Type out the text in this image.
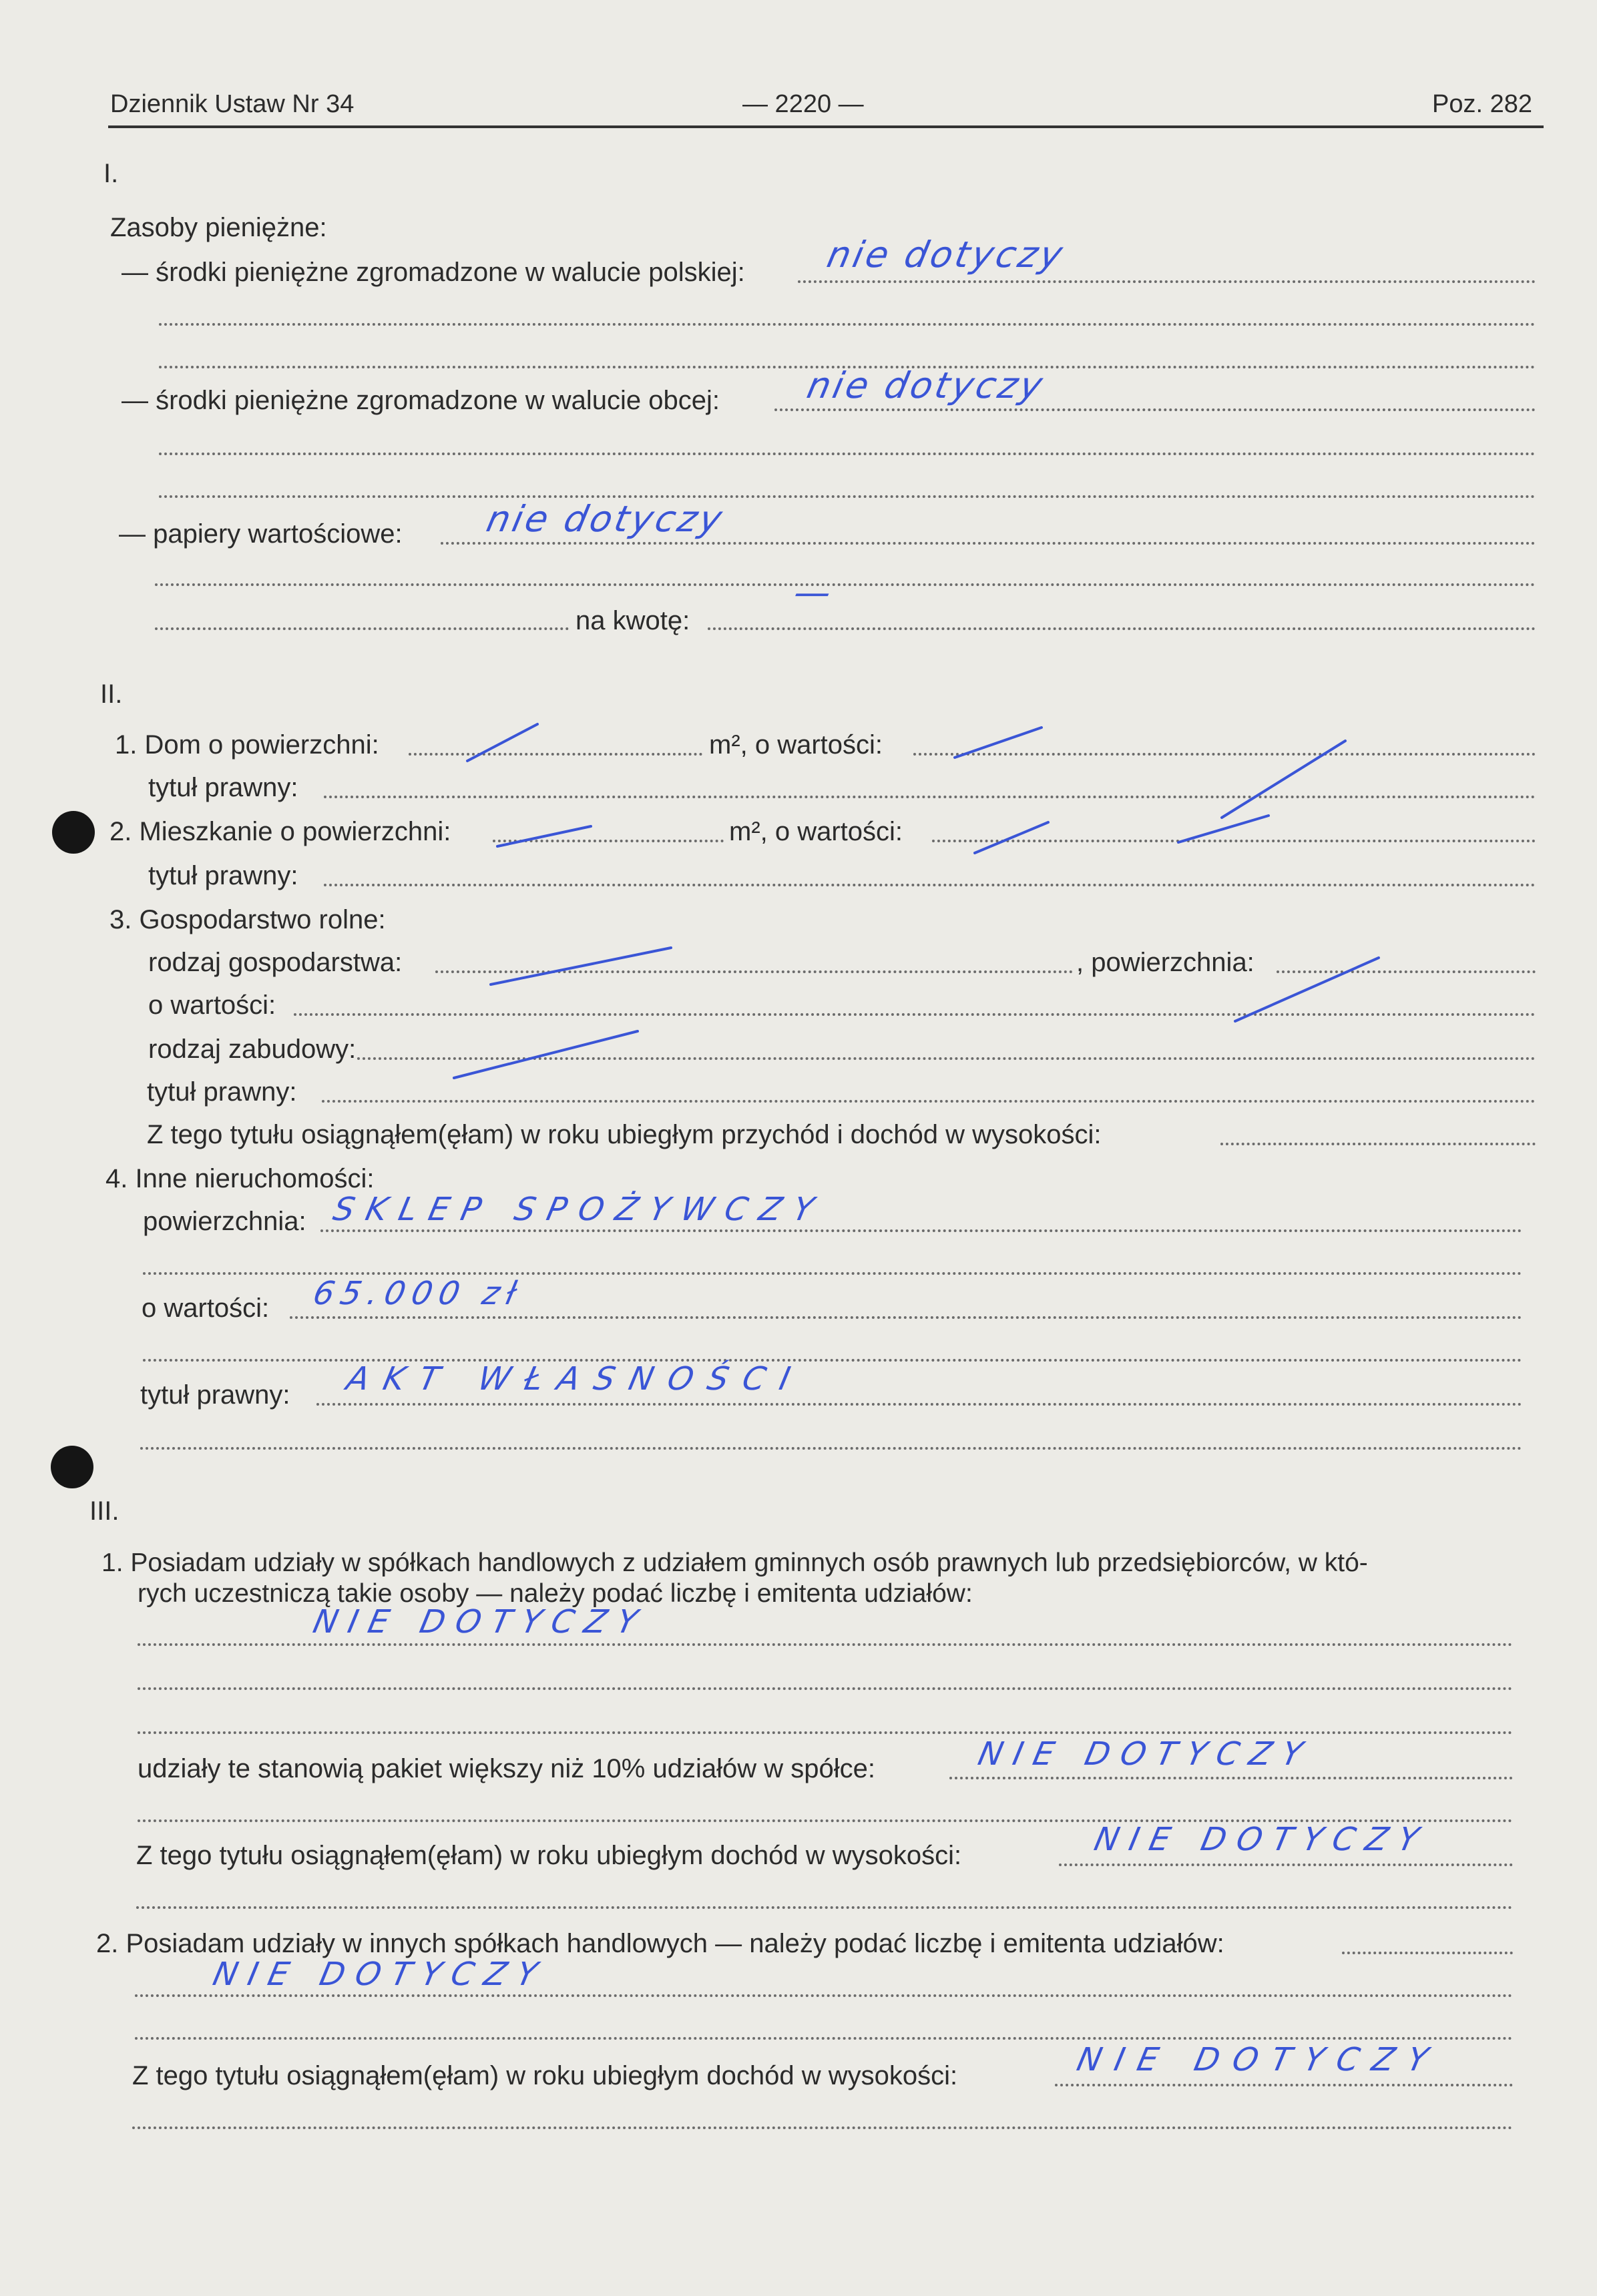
Dziennik Ustaw Nr 34	— 2220 —	Poz. 282
I.
Zasoby pieniężne:
— środki pieniężne zgromadzone w walucie polskiej: nie dotyczy
— środki pieniężne zgromadzone w walucie obcej: nie dotyczy
— papiery wartościowe: nie dotyczy
na kwotę:
—
II.
1. Dom o powierzchni:	m², o wartości:
tytuł prawny:
2. Mieszkanie o powierzchni:	m², o wartości:
tytuł prawny:
3. Gospodarstwo rolne:
rodzaj gospodarstwa:	, powierzchnia:
o wartości:
rodzaj zabudowy:
tytuł prawny:
Z tego tytułu osiągnąłem(ęłam) w roku ubiegłym przychód i dochód w wysokości:
4. Inne nieruchomości:
powierzchnia: SKLEP SPOŻYWCZY
o wartości: 65.000 zł
tytuł prawny: AKT WŁASNOŚCI
III.
1. Posiadam udziały w spółkach handlowych z udziałem gminnych osób prawnych lub przedsiębiorców, w któ-
rych uczestniczą takie osoby — należy podać liczbę i emitenta udziałów:
NIE DOTYCZY
udziały te stanowią pakiet większy niż 10% udziałów w spółce:	NIE DOTYCZY
Z tego tytułu osiągnąłem(ęłam) w roku ubiegłym dochód w wysokości:	NIE DOTYCZY
2. Posiadam udziały w innych spółkach handlowych — należy podać liczbę i emitenta udziałów:
NIE DOTYCZY
Z tego tytułu osiągnąłem(ęłam) w roku ubiegłym dochód w wysokości:	NIE DOTYCZY
